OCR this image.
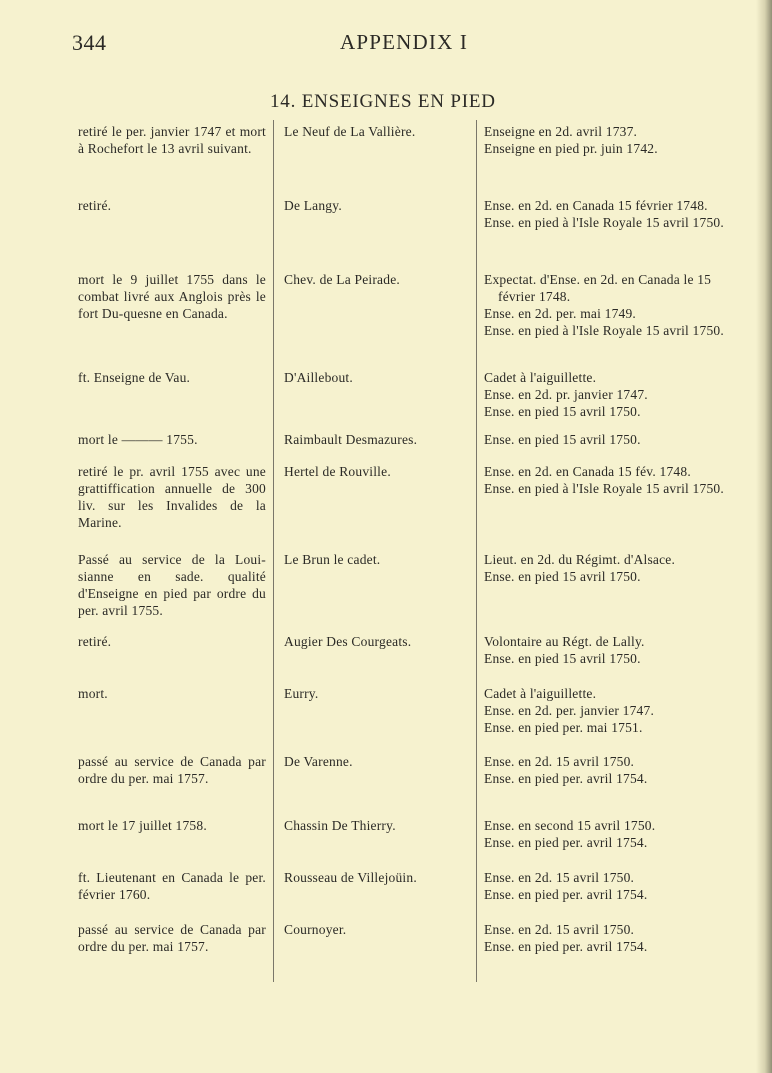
344	APPENDIX I
14. ENSEIGNES EN PIED

retiré le per. janvier 1747 et mort à Rochefort le 13 avril suivant.

Le Neuf de La Vallière.	Enseigne en 2d. avril 1737.
Enseigne en pied pr. juin 1742.

retiré.	De Langy.	Ense. en 2d. en Canada 15 février 1748.
Ense. en pied à l'Isle Royale 15 avril 1750.

mort le 9 juillet 1755 dans le combat livré aux Anglois près le fort Du-quesne en Canada.

Chev. de La Peirade.	Expectat. d'Ense. en 2d. en Canada le 15 février 1748.
Ense. en 2d. per. mai 1749.
Ense. en pied à l'Isle Royale 15 avril 1750.

ft. Enseigne de Vau.	D'Aillebout.	Cadet à l'aiguillette.
Ense. en 2d. pr. janvier 1747.
Ense. en pied 15 avril 1750.

mort le ——— 1755.	Raimbault Desmazures.	Ense. en pied 15 avril 1750.

retiré le pr. avril 1755 avec une grattiffication annuelle de 300 liv. sur les Invalides de la Marine.

Hertel de Rouville.	Ense. en 2d. en Canada 15 fév. 1748.
Ense. en pied à l'Isle Royale 15 avril 1750.

Passé au service de la Loui-sianne en sade. qualité d'Enseigne en pied par ordre du per. avril 1755.

Le Brun le cadet.	Lieut. en 2d. du Régimt. d'Alsace.
Ense. en pied 15 avril 1750.

retiré.	Augier Des Courgeats.	Volontaire au Régt. de Lally.
Ense. en pied 15 avril 1750.

mort.	Eurry.	Cadet à l'aiguillette.
Ense. en 2d. per. janvier 1747.
Ense. en pied per. mai 1751.

passé au service de Canada par ordre du per. mai 1757.

De Varenne.	Ense. en 2d. 15 avril 1750.
Ense. en pied per. avril 1754.

mort le 17 juillet 1758.	Chassin De Thierry.	Ense. en second 15 avril 1750.
Ense. en pied per. avril 1754.

ft. Lieutenant en Canada le per. février 1760.

Rousseau de Villejoüin.	Ense. en 2d. 15 avril 1750.
Ense. en pied per. avril 1754.

passé au service de Canada par ordre du per. mai 1757.

Cournoyer.	Ense. en 2d. 15 avril 1750.
Ense. en pied per. avril 1754.
